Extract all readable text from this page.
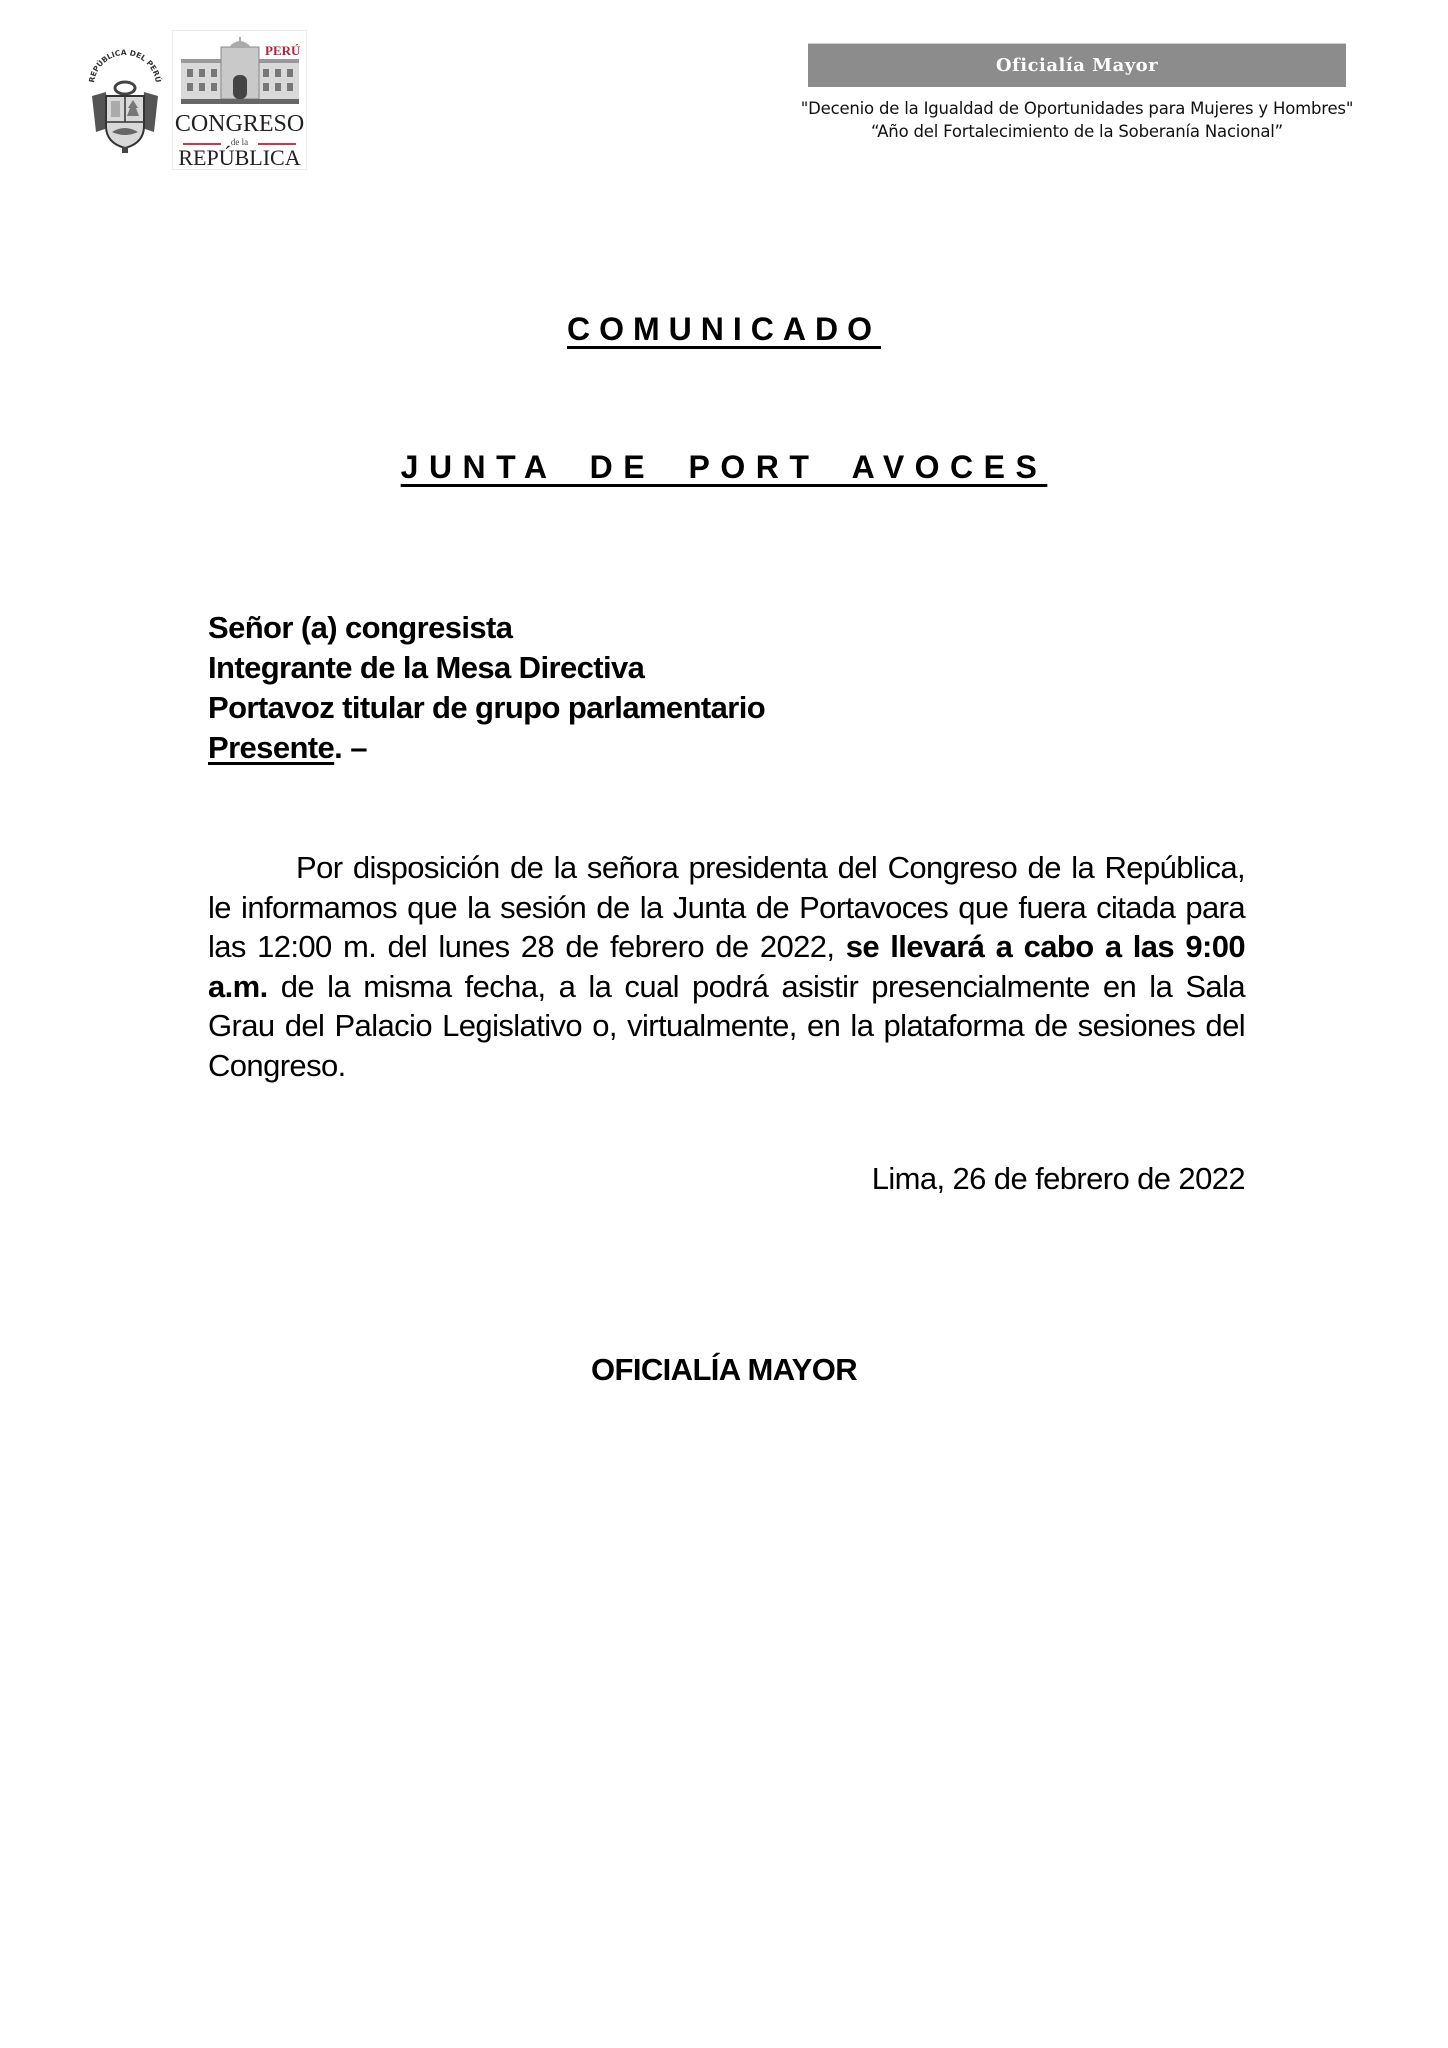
REPÚBLICA DEL PERÚ
PERÚ
CONGRESO
de la
REPÚBLICA
Oficialía Mayor
"Decenio de la Igualdad de Oportunidades para Mujeres y Hombres"
“Año del Fortalecimiento de la Soberanía Nacional”
COMUNICADO
JUNTA DE PORT AVOCES
Señor (a) congresista
Integrante de la Mesa Directiva
Portavoz titular de grupo parlamentario
Presente. –
Por disposición de la señora presidenta del Congreso de la República, le informamos que la sesión de la Junta de Portavoces que fuera citada para las 12:00 m. del lunes 28 de febrero de 2022, se llevará a cabo a las 9:00 a.m. de la misma fecha, a la cual podrá asistir presencialmente en la Sala Grau del Palacio Legislativo o, virtualmente, en la plataforma de sesiones del Congreso.
Lima, 26 de febrero de 2022
OFICIALÍA MAYOR
